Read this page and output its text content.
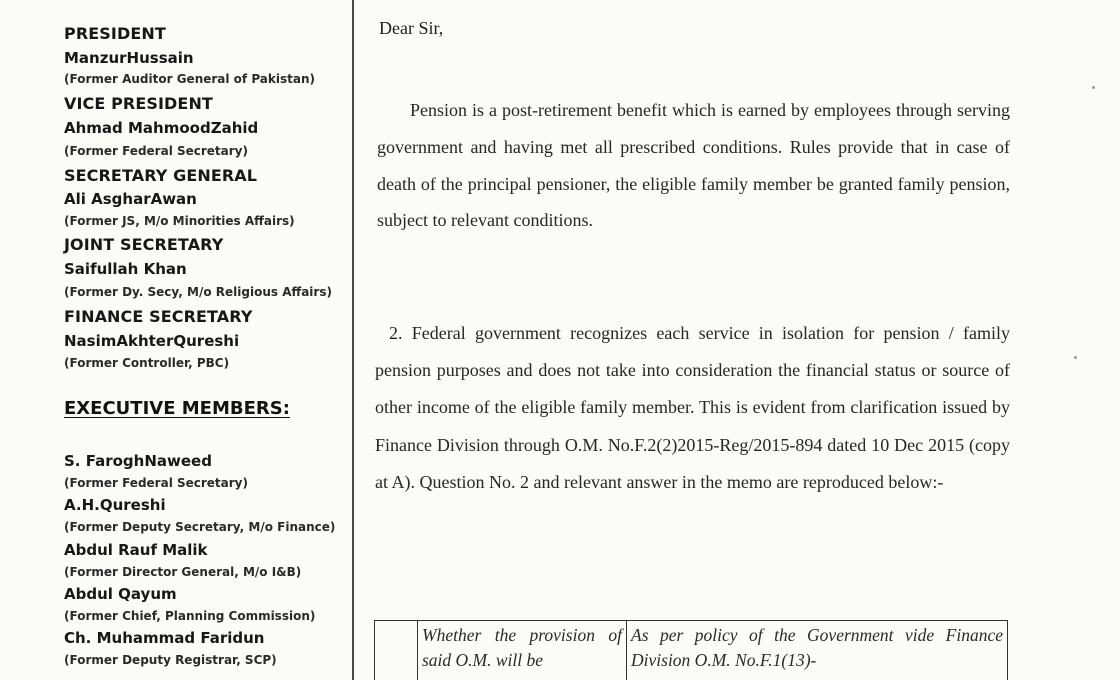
PRESIDENT
ManzurHussain
(Former Auditor General of Pakistan)
VICE PRESIDENT
Ahmad MahmoodZahid
(Former Federal Secretary)
SECRETARY GENERAL
Ali AsgharAwan
(Former JS, M/o Minorities Affairs)
JOINT SECRETARY
Saifullah Khan
(Former Dy. Secy, M/o Religious Affairs)
FINANCE SECRETARY
NasimAkhterQureshi
(Former Controller, PBC)
EXECUTIVE MEMBERS:
S. FaroghNaweed
(Former Federal Secretary)
A.H.Qureshi
(Former Deputy Secretary, M/o Finance)
Abdul Rauf Malik
(Former Director General, M/o I&B)
Abdul Qayum
(Former Chief, Planning Commission)
Ch. Muhammad Faridun
(Former Deputy Registrar, SCP)
Dear Sir,

Pension is a post-retirement benefit which is earned by employees through serving government and having met all prescribed conditions. Rules provide that in case of death of the principal pensioner, the eligible family member be granted family pension, subject to relevant conditions.

2. Federal government recognizes each service in isolation for pension / family pension purposes and does not take into consideration the financial status or source of other income of the eligible family member. This is evident from clarification issued by Finance Division through O.M. No.F.2(2)2015-Reg/2015-894 dated 10 Dec 2015 (copy at A). Question No. 2 and relevant answer in the memo are reproduced below:-

	Whether the provision of said O.M. will be	As per policy of the Government vide Finance Division O.M. No.F.1(13)-
